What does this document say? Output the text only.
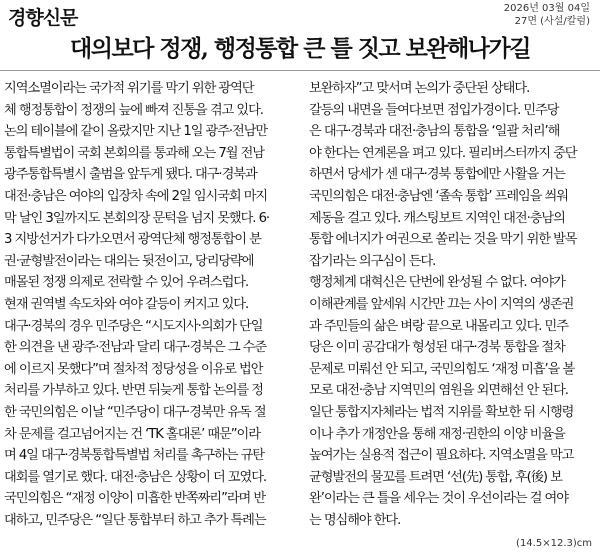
경향신문	2026년 03월 04일
27면 (사설/칼럼)
대의보다 정쟁, 행정통합 큰 틀 짓고 보완해나가길
지역소멸이라는 국가적 위기를 막기 위한 광역단
체 행정통합이 정쟁의 늪에 빠져 진통을 겪고 있다.
논의 테이블에 같이 올랐지만 지난 1일 광주·전남만
통합특별법이 국회 본회의를 통과해 오는 7월 전남
광주통합특별시 출범을 앞두게 됐다. 대구·경북과
대전·충남은 여야의 입장차 속에 2일 임시국회 마지
막 날인 3일까지도 본회의장 문턱을 넘지 못했다. 6·
3 지방선거가 다가오면서 광역단체 행정통합이 분
권·균형발전이라는 대의는 뒷전이고, 당리당략에
매몰된 정쟁 의제로 전락할 수 있어 우려스럽다.
현재 권역별 속도차와 여야 갈등이 커지고 있다.
대구·경북의 경우 민주당은 “시도지사·의회가 단일
한 의견을 낸 광주·전남과 달리 대구·경북은 그 수준
에 이르지 못했다”며 절차적 정당성을 이유로 법안
처리를 가부하고 있다. 반면 뒤늦게 통합 논의를 정
한 국민의힘은 이날 “민주당이 대구·경북만 유독 절
차 문제를 걸고넘어지는 건 ‘TK 홀대론’ 때문”이라
며 4일 대구·경북통합특별법 처리를 촉구하는 규탄
대회를 열기로 했다. 대전·충남은 상황이 더 꼬였다.
국민의힘은 “재정 이양이 미흡한 반쪽짜리”라며 반
대하고, 민주당은 “일단 통합부터 하고 추가 특례는
보완하자”고 맞서며 논의가 중단된 상태다.
갈등의 내면을 들여다보면 점입가경이다. 민주당
은 대구·경북과 대전·충남의 통합을 ‘일괄 처리’해
야 한다는 연계론을 펴고 있다. 필리버스터까지 중단
하면서 당세가 센 대구·경북 통합에만 사활을 거는
국민의힘은 대전·충남엔 ‘졸속 통합’ 프레임을 씌워
제동을 걸고 있다. 캐스팅보트 지역인 대전·충남의
통합 에너지가 여권으로 쏠리는 것을 막기 위한 발목
잡기라는 의구심이 든다.
행정체계 대혁신은 단번에 완성될 수 없다. 여야가
이해관계를 앞세워 시간만 끄는 사이 지역의 생존권
과 주민들의 삶은 벼랑 끝으로 내몰리고 있다. 민주
당은 이미 공감대가 형성된 대구·경북 통합을 절차
문제로 미뤄선 안 되고, 국민의힘도 ‘재정 미흡’을 볼
모로 대전·충남 지역민의 염원을 외면해선 안 된다.
일단 통합지자체라는 법적 지위를 확보한 뒤 시행령
이나 추가 개정안을 통해 재정·권한의 이양 비율을
높여가는 실용적 접근이 필요하다. 지역소멸을 막고
균형발전의 물꼬를 트려면 ‘선(先) 통합, 후(後) 보
완’이라는 큰 틀을 세우는 것이 우선이라는 걸 여야
는 명심해야 한다.
(14.5×12.3)cm
